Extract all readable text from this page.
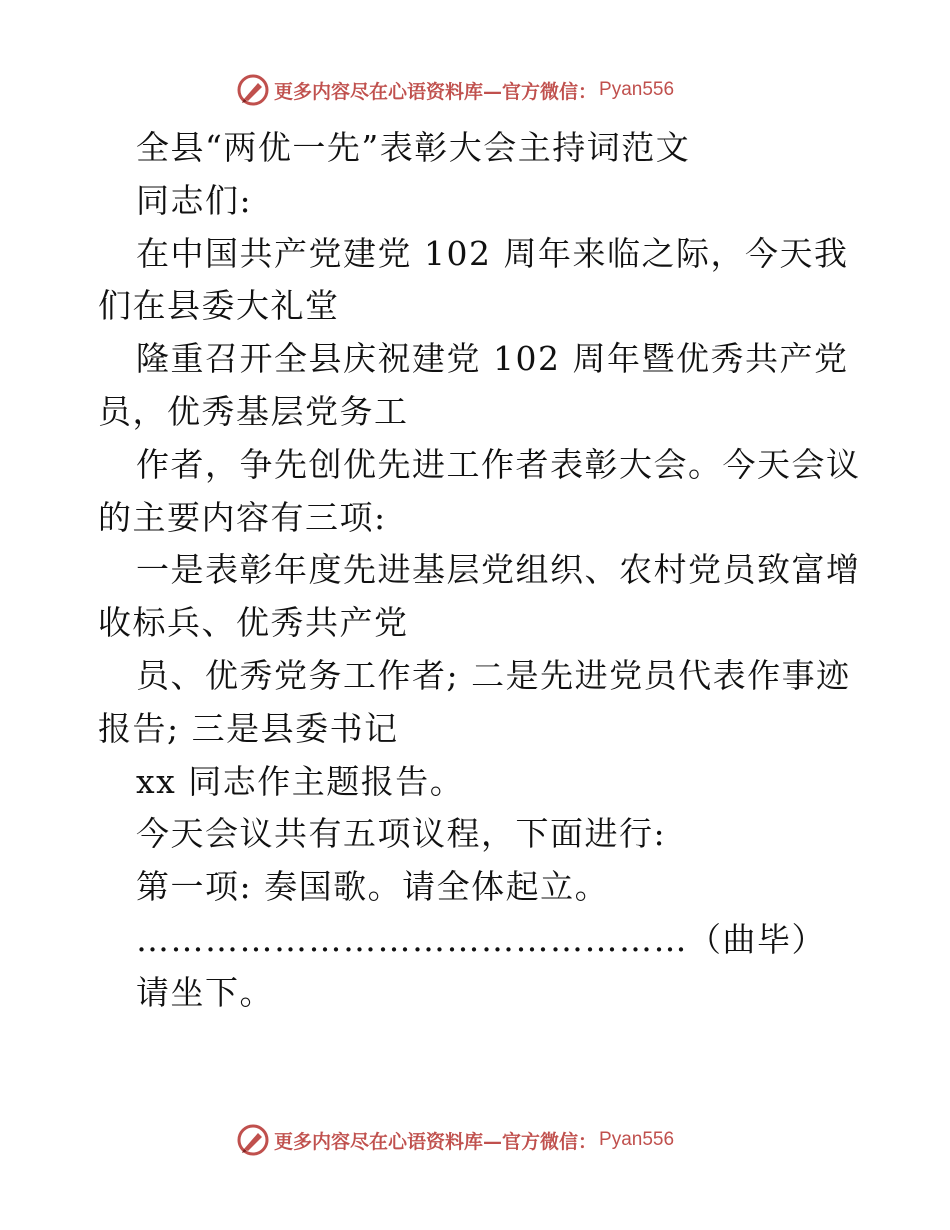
更多内容尽在心语资料库—官方微信： Pyan556
全县“两优一先”表彰大会主持词范文
同志们:
在中国共产党建党 102 周年来临之际，今天我
们在县委大礼堂
隆重召开全县庆祝建党 102 周年暨优秀共产党
员，优秀基层党务工
作者，争先创优先进工作者表彰大会。今天会议
的主要内容有三项:
一是表彰年度先进基层党组织、农村党员致富增
收标兵、优秀共产党
员、优秀党务工作者; 二是先进党员代表作事迹
报告; 三是县委书记
xx 同志作主题报告。
今天会议共有五项议程，下面进行:
第一项: 奏国歌。请全体起立。
…………………………………………（曲毕）
请坐下。
更多内容尽在心语资料库—官方微信： Pyan556
